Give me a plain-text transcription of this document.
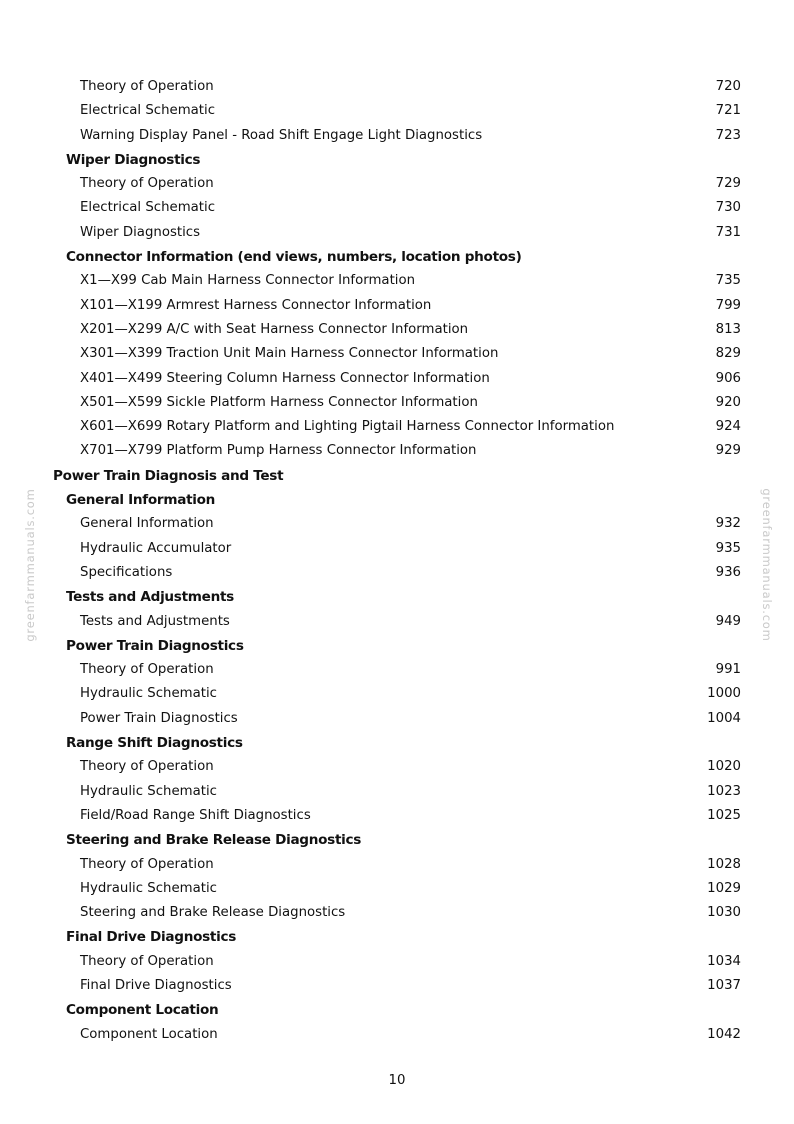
greenfarmmanuals.com	greenfarmmanuals.com
Theory of Operation	720
Electrical Schematic	721
Warning Display Panel - Road Shift Engage Light Diagnostics	723
Wiper Diagnostics
Theory of Operation	729
Electrical Schematic	730
Wiper Diagnostics	731
Connector Information (end views, numbers, location photos)
X1—X99 Cab Main Harness Connector Information	735
X101—X199 Armrest Harness Connector Information	799
X201—X299 A/C with Seat Harness Connector Information	813
X301—X399 Traction Unit Main Harness Connector Information	829
X401—X499 Steering Column Harness Connector Information	906
X501—X599 Sickle Platform Harness Connector Information	920
X601—X699 Rotary Platform and Lighting Pigtail Harness Connector Information	924
X701—X799 Platform Pump Harness Connector Information	929
Power Train Diagnosis and Test
General Information
General Information	932
Hydraulic Accumulator	935
Specifications	936
Tests and Adjustments
Tests and Adjustments	949
Power Train Diagnostics
Theory of Operation	991
Hydraulic Schematic	1000
Power Train Diagnostics	1004
Range Shift Diagnostics
Theory of Operation	1020
Hydraulic Schematic	1023
Field/Road Range Shift Diagnostics	1025
Steering and Brake Release Diagnostics
Theory of Operation	1028
Hydraulic Schematic	1029
Steering and Brake Release Diagnostics	1030
Final Drive Diagnostics
Theory of Operation	1034
Final Drive Diagnostics	1037
Component Location
Component Location	1042
10
